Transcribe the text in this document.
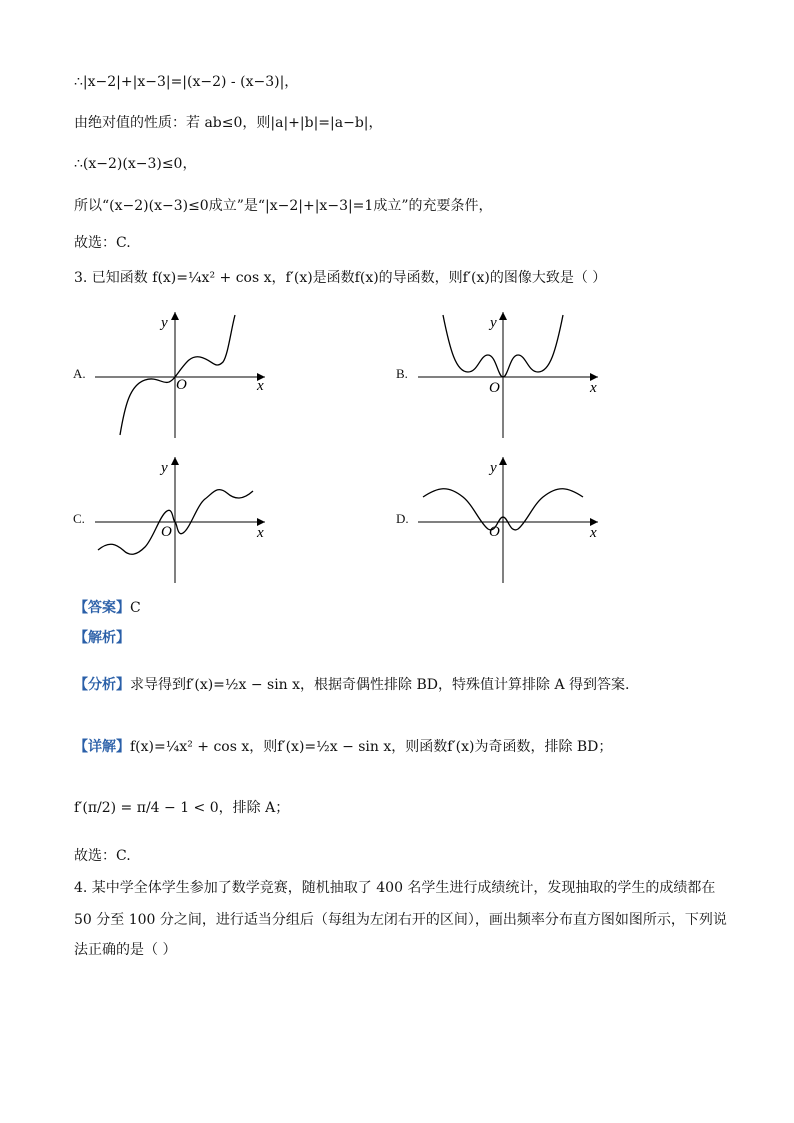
∴|x−2|+|x−3|=|(x−2) - (x−3)|，
由绝对值的性质：若 ab≤0，则|a|+|b|=|a−b|，
∴(x−2)(x−3)≤0，
所以“(x−2)(x−3)≤0成立”是“|x−2|+|x−3|=1成立”的充要条件，
故选：C.
3. 已知函数 f(x)=¼x² + cos x，f′(x)是函数f(x)的导函数，则f′(x)的图像大致是（ ）
A.	B.
C.	D.
y
x
O
y
x
O
y
x
O
y
x
O
【答案】C
【解析】
【分析】求导得到f′(x)=½x − sin x，根据奇偶性排除 BD，特殊值计算排除 A 得到答案.
【详解】f(x)=¼x² + cos x，则f′(x)=½x − sin x，则函数f′(x)为奇函数，排除 BD；
f′(π/2) = π/4 − 1 < 0，排除 A；
故选：C.
4. 某中学全体学生参加了数学竞赛，随机抽取了 400 名学生进行成绩统计，发现抽取的学生的成绩都在
50 分至 100 分之间，进行适当分组后（每组为左闭右开的区间），画出频率分布直方图如图所示，下列说
法正确的是（ ）
